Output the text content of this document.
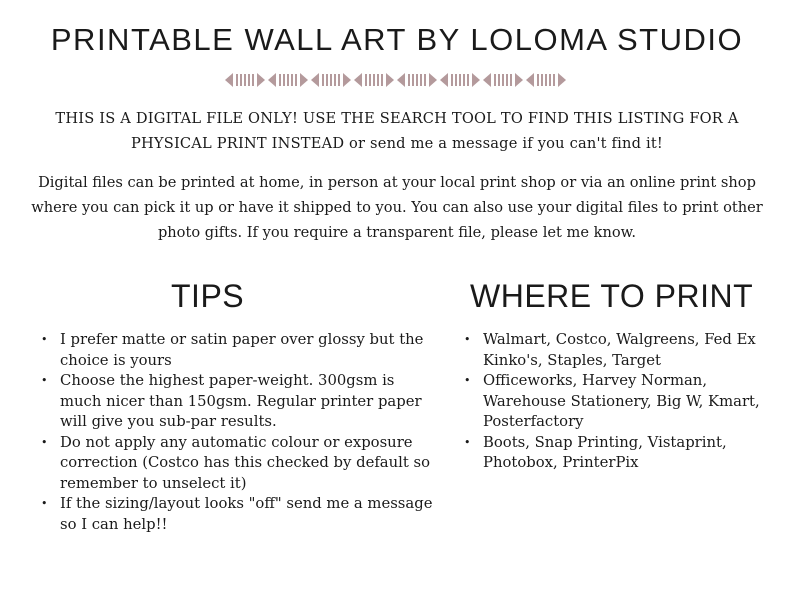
PRINTABLE WALL ART BY LOLOMA STUDIO
THIS IS A DIGITAL FILE ONLY! USE THE SEARCH TOOL TO FIND THIS LISTING FOR A PHYSICAL PRINT INSTEAD or send me a message if you can't find it!
Digital files can be printed at home, in person at your local print shop or via an online print shop where you can pick it up or have it shipped to you. You can also use your digital files to print other photo gifts. If you require a transparent file, please let me know.
TIPS	WHERE TO PRINT
• I prefer matte or satin paper over glossy but the choice is yours
• Choose the highest paper-weight. 300gsm is much nicer than 150gsm. Regular printer paper will give you sub-par results.
• Do not apply any automatic colour or exposure correction (Costco has this checked by default so remember to unselect it)
• If the sizing/layout looks "off" send me a message so I can help!!
• Walmart, Costco, Walgreens, Fed Ex Kinko's, Staples, Target
• Officeworks, Harvey Norman, Warehouse Stationery, Big W, Kmart, Posterfactory
• Boots, Snap Printing, Vistaprint, Photobox, PrinterPix
